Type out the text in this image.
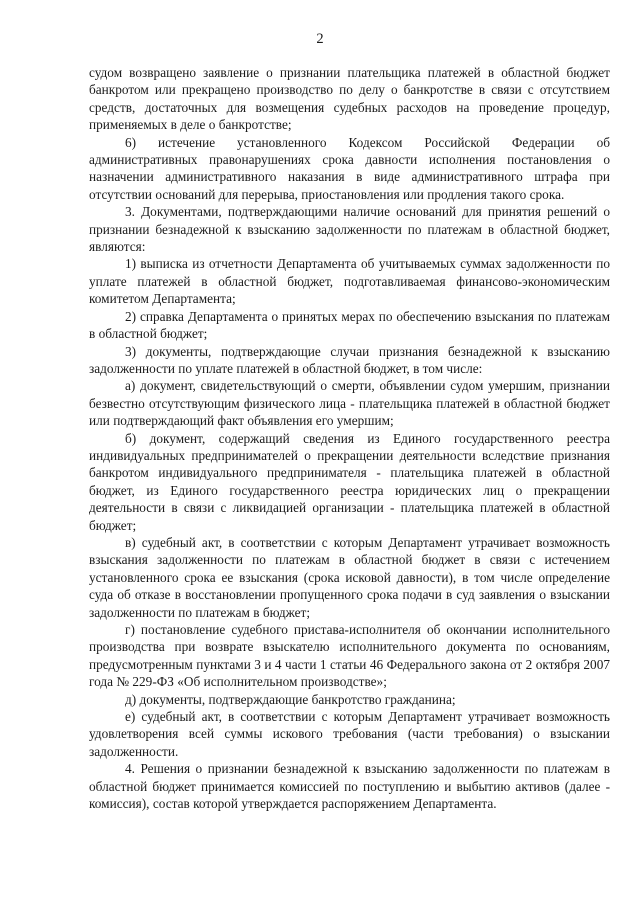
2

судом возвращено заявление о признании плательщика платежей в областной бюджет банкротом или прекращено производство по делу о банкротстве в связи с отсутствием средств, достаточных для возмещения судебных расходов на проведение процедур, применяемых в деле о банкротстве;

6) истечение установленного Кодексом Российской Федерации об административных правонарушениях срока давности исполнения постановления о назначении административного наказания в виде административного штрафа при отсутствии оснований для перерыва, приостановления или продления такого срока.

3. Документами, подтверждающими наличие оснований для принятия решений о признании безнадежной к взысканию задолженности по платежам в областной бюджет, являются:

1) выписка из отчетности Департамента об учитываемых суммах задолженности по уплате платежей в областной бюджет, подготавливаемая финансово-экономическим комитетом Департамента;

2) справка Департамента о принятых мерах по обеспечению взыскания по платежам в областной бюджет;

3) документы, подтверждающие случаи признания безнадежной к взысканию задолженности по уплате платежей в областной бюджет, в том числе:

а) документ, свидетельствующий о смерти, объявлении судом умершим, признании безвестно отсутствующим физического лица - плательщика платежей в областной бюджет или подтверждающий факт объявления его умершим;

б) документ, содержащий сведения из Единого государственного реестра индивидуальных предпринимателей о прекращении деятельности вследствие признания банкротом индивидуального предпринимателя - плательщика платежей в областной бюджет, из Единого государственного реестра юридических лиц о прекращении деятельности в связи с ликвидацией организации - плательщика платежей в областной бюджет;

в) судебный акт, в соответствии с которым Департамент утрачивает возможность взыскания задолженности по платежам в областной бюджет в связи с истечением установленного срока ее взыскания (срока исковой давности), в том числе определение суда об отказе в восстановлении пропущенного срока подачи в суд заявления о взыскании задолженности по платежам в бюджет;

г) постановление судебного пристава-исполнителя об окончании исполнительного производства при возврате взыскателю исполнительного документа по основаниям, предусмотренным пунктами 3 и 4 части 1 статьи 46 Федерального закона от 2 октября 2007 года № 229-ФЗ «Об исполнительном производстве»;

д) документы, подтверждающие банкротство гражданина;

е) судебный акт, в соответствии с которым Департамент утрачивает возможность удовлетворения всей суммы искового требования (части требования) о взыскании задолженности.

4. Решения о признании безнадежной к взысканию задолженности по платежам в областной бюджет принимается комиссией по поступлению и выбытию активов (далее - комиссия), состав которой утверждается распоряжением Департамента.
